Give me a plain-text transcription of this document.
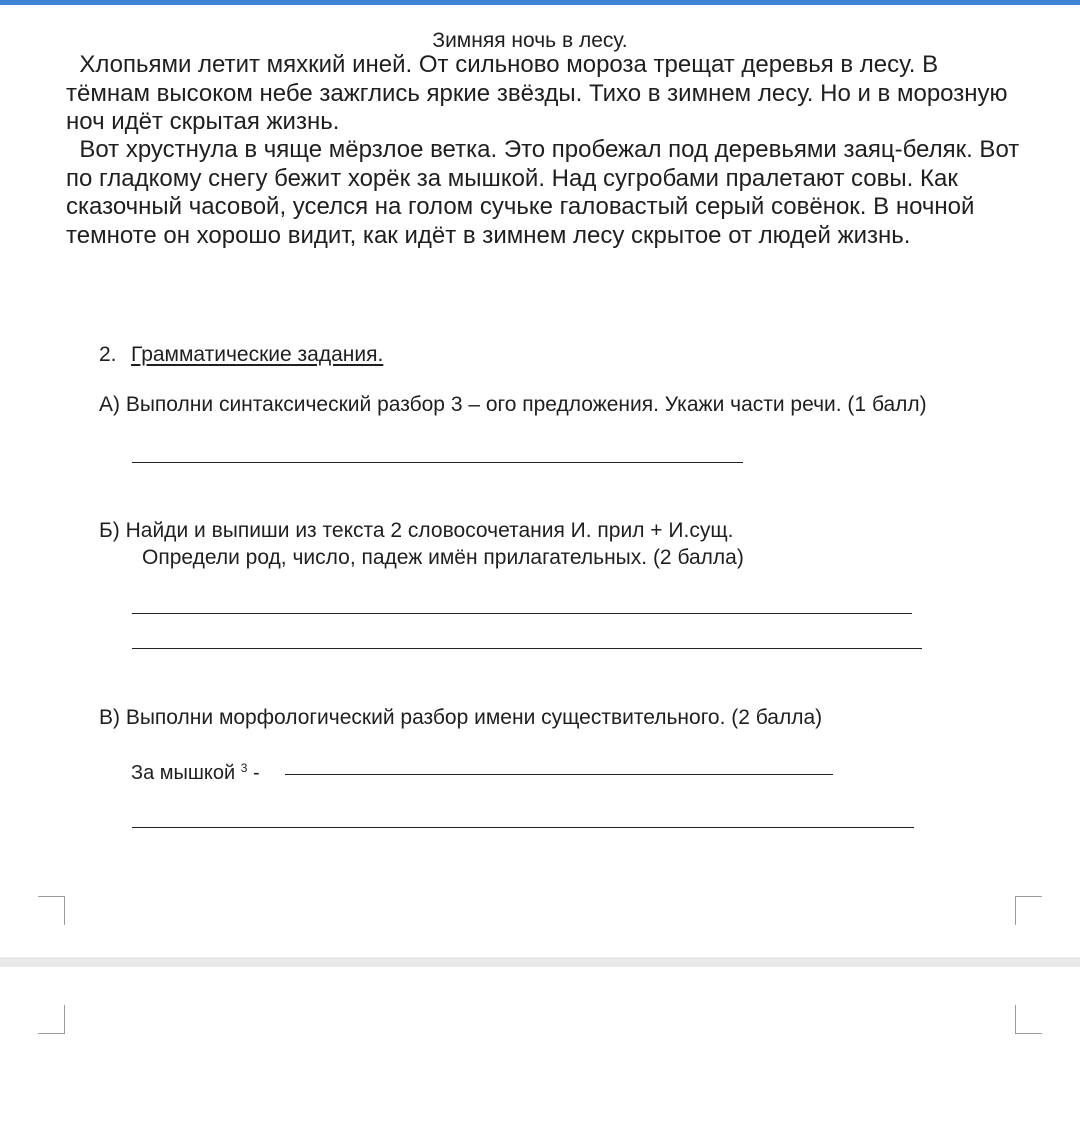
Зимняя ночь в лесу.

Хлопьями летит мяхкий иней. От сильново мороза трещат деревья в лесу. В тёмнам высоком небе зажглись яркие звёзды. Тихо в зимнем лесу. Но и в морозную ноч идёт скрытая жизнь.

Вот хрустнула в чяще мёрзлое ветка. Это пробежал под деревьями заяц-беляк. Вот по гладкому снегу бежит хорёк за мышкой. Над сугробами пралетают совы. Как сказочный часовой, уселся на голом сучьке галовастый серый совёнок. В ночной темноте он хорошо видит, как идёт в зимнем лесу скрытое от людей жизнь.

2. Грамматические задания.
А) Выполни синтаксический разбор 3 – ого предложения. Укажи части речи. (1 балл)
Б) Найди и выпиши из текста 2 словосочетания И. прил + И.сущ.
Определи род, число, падеж имён прилагательных. (2 балла)
В) Выполни морфологический разбор имени существительного. (2 балла)
За мышкой $^3$ -
